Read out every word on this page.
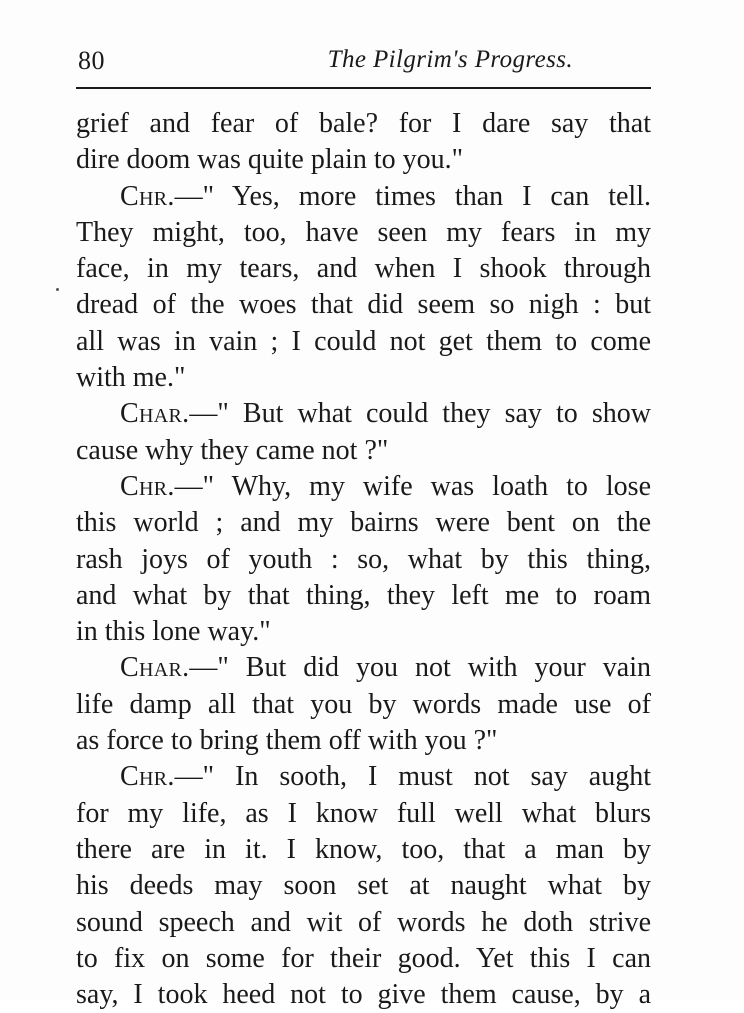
80	The Pilgrim's Progress.
grief and fear of bale? for I dare say that
dire doom was quite plain to you."
Chr.—" Yes, more times than I can tell.
They might, too, have seen my fears in my
face, in my tears, and when I shook through
dread of the woes that did seem so nigh : but
all was in vain ; I could not get them to come
with me."
Char.—" But what could they say to show
cause why they came not ?"
Chr.—" Why, my wife was loath to lose
this world ; and my bairns were bent on the
rash joys of youth : so, what by this thing,
and what by that thing, they left me to roam
in this lone way."
Char.—" But did you not with your vain
life damp all that you by words made use of
as force to bring them off with you ?"
Chr.—" In sooth, I must not say aught
for my life, as I know full well what blurs
there are in it. I know, too, that a man by
his deeds may soon set at naught what by
sound speech and wit of words he doth strive
to fix on some for their good. Yet this I can
say, I took heed not to give them cause, by a
